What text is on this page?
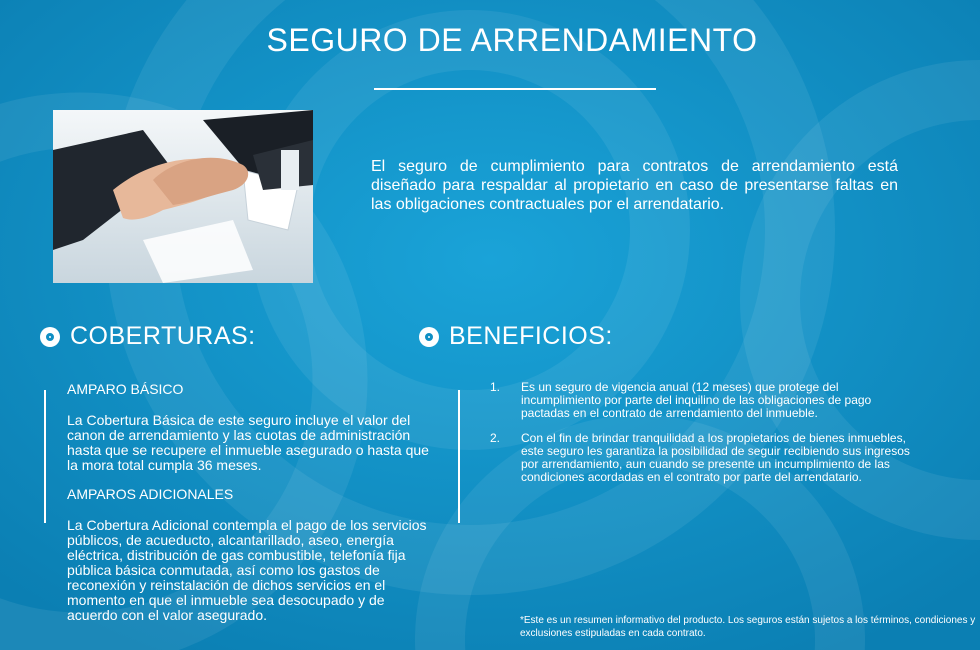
SEGURO DE ARRENDAMIENTO

El seguro de cumplimiento para contratos de arrendamiento está diseñado para respaldar al propietario en caso de presentarse faltas en las obligaciones contractuales por el arrendatario.

COBERTURAS:	BENEFICIOS:
AMPARO BÁSICO

La Cobertura Básica de este seguro incluye el valor del canon de arrendamiento y las cuotas de administración hasta que se recupere el inmueble asegurado o hasta que la mora total cumpla 36 meses.

AMPAROS ADICIONALES

La Cobertura Adicional contempla el pago de los servicios públicos, de acueducto, alcantarillado, aseo, energía eléctrica, distribución de gas combustible, telefonía fija pública básica conmutada, así como los gastos de reconexión y reinstalación de dichos servicios en el momento en que el inmueble sea desocupado y de acuerdo con el valor asegurado.

1.	Es un seguro de vigencia anual (12 meses) que protege del incumplimiento por parte del inquilino de las obligaciones de pago pactadas en el contrato de arrendamiento del inmueble.
2.	Con el fin de brindar tranquilidad a los propietarios de bienes inmuebles, este seguro les garantiza la posibilidad de seguir recibiendo sus ingresos por arrendamiento, aun cuando se presente un incumplimiento de las condiciones acordadas en el contrato por parte del arrendatario.

*Este es un resumen informativo del producto. Los seguros están sujetos a los términos, condiciones y exclusiones estipuladas en cada contrato.
